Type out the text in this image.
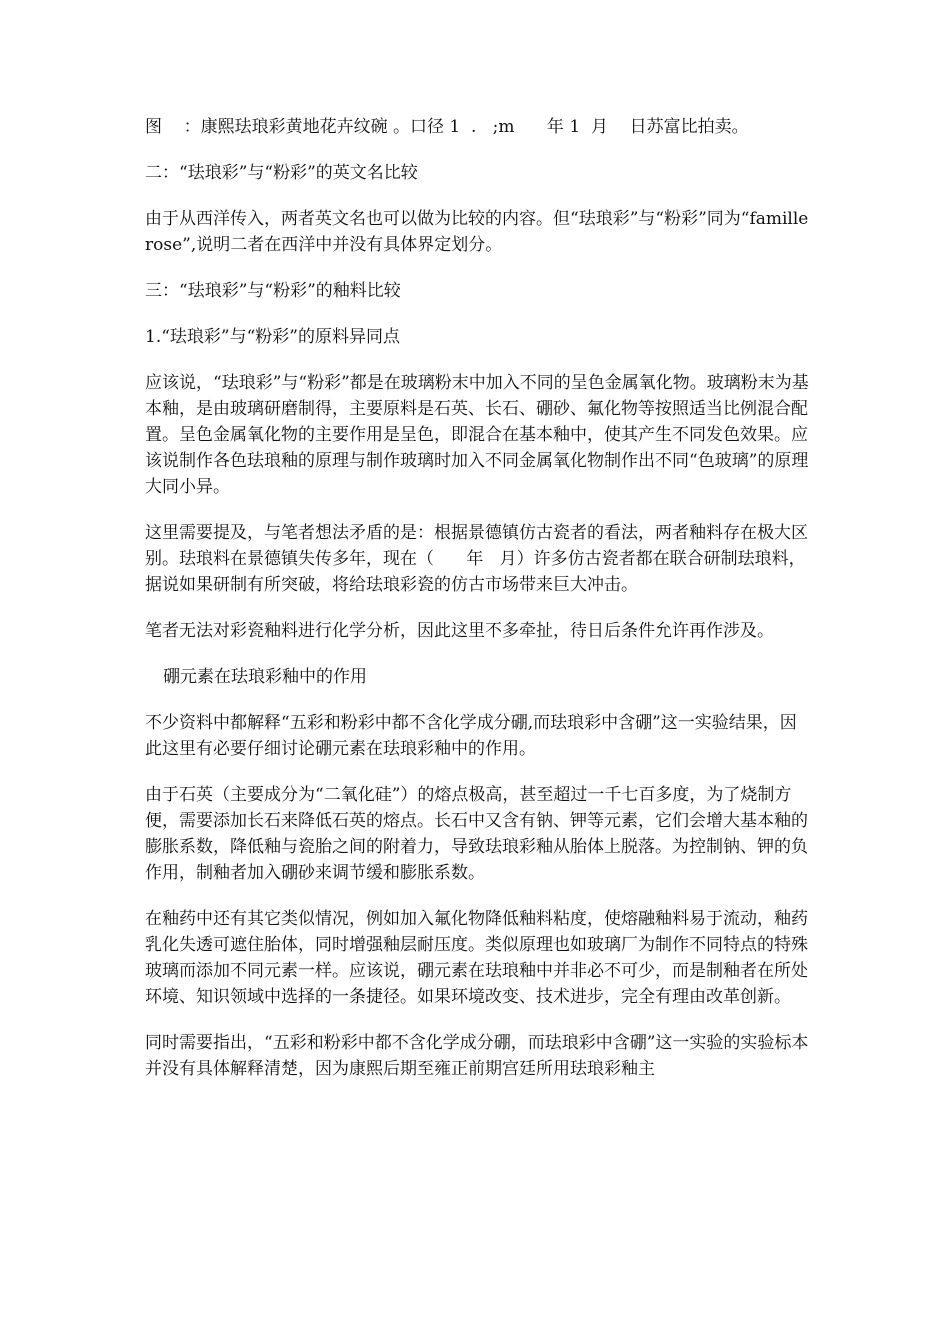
图    ：康熙珐琅彩黄地花卉纹碗 。口径 1  .   ;m      年 1  月    日苏富比拍卖。

二：“珐琅彩”与“粉彩”的英文名比较

由于从西洋传入，两者英文名也可以做为比较的内容。但“珐琅彩”与“粉彩”同为“famille rose”,说明二者在西洋中并没有具体界定划分。

三：“珐琅彩”与“粉彩”的釉料比较

1.“珐琅彩”与“粉彩”的原料异同点

应该说，“珐琅彩”与“粉彩”都是在玻璃粉末中加入不同的呈色金属氧化物。玻璃粉末为基本釉，是由玻璃研磨制得，主要原料是石英、长石、硼砂、氟化物等按照适当比例混合配置。呈色金属氧化物的主要作用是呈色，即混合在基本釉中，使其产生不同发色效果。应该说制作各色珐琅釉的原理与制作玻璃时加入不同金属氧化物制作出不同“色玻璃”的原理大同小异。

这里需要提及，与笔者想法矛盾的是：根据景德镇仿古瓷者的看法，两者釉料存在极大区别。珐琅料在景德镇失传多年，现在（      年   月）许多仿古瓷者都在联合研制珐琅料，据说如果研制有所突破，将给珐琅彩瓷的仿古市场带来巨大冲击。

笔者无法对彩瓷釉料进行化学分析，因此这里不多牵扯，待日后条件允许再作涉及。

硼元素在珐琅彩釉中的作用

不少资料中都解释“五彩和粉彩中都不含化学成分硼,而珐琅彩中含硼”这一实验结果，因此这里有必要仔细讨论硼元素在珐琅彩釉中的作用。

由于石英（主要成分为“二氧化硅”）的熔点极高，甚至超过一千七百多度，为了烧制方便，需要添加长石来降低石英的熔点。长石中又含有钠、钾等元素，它们会增大基本釉的膨胀系数，降低釉与瓷胎之间的附着力，导致珐琅彩釉从胎体上脱落。为控制钠、钾的负作用，制釉者加入硼砂来调节缓和膨胀系数。

在釉药中还有其它类似情况，例如加入氟化物降低釉料粘度，使熔融釉料易于流动，釉药乳化失透可遮住胎体，同时增强釉层耐压度。类似原理也如玻璃厂为制作不同特点的特殊玻璃而添加不同元素一样。应该说，硼元素在珐琅釉中并非必不可少，而是制釉者在所处环境、知识领域中选择的一条捷径。如果环境改变、技术进步，完全有理由改革创新。

同时需要指出，“五彩和粉彩中都不含化学成分硼，而珐琅彩中含硼”这一实验的实验标本并没有具体解释清楚，因为康熙后期至雍正前期宫廷所用珐琅彩釉主
